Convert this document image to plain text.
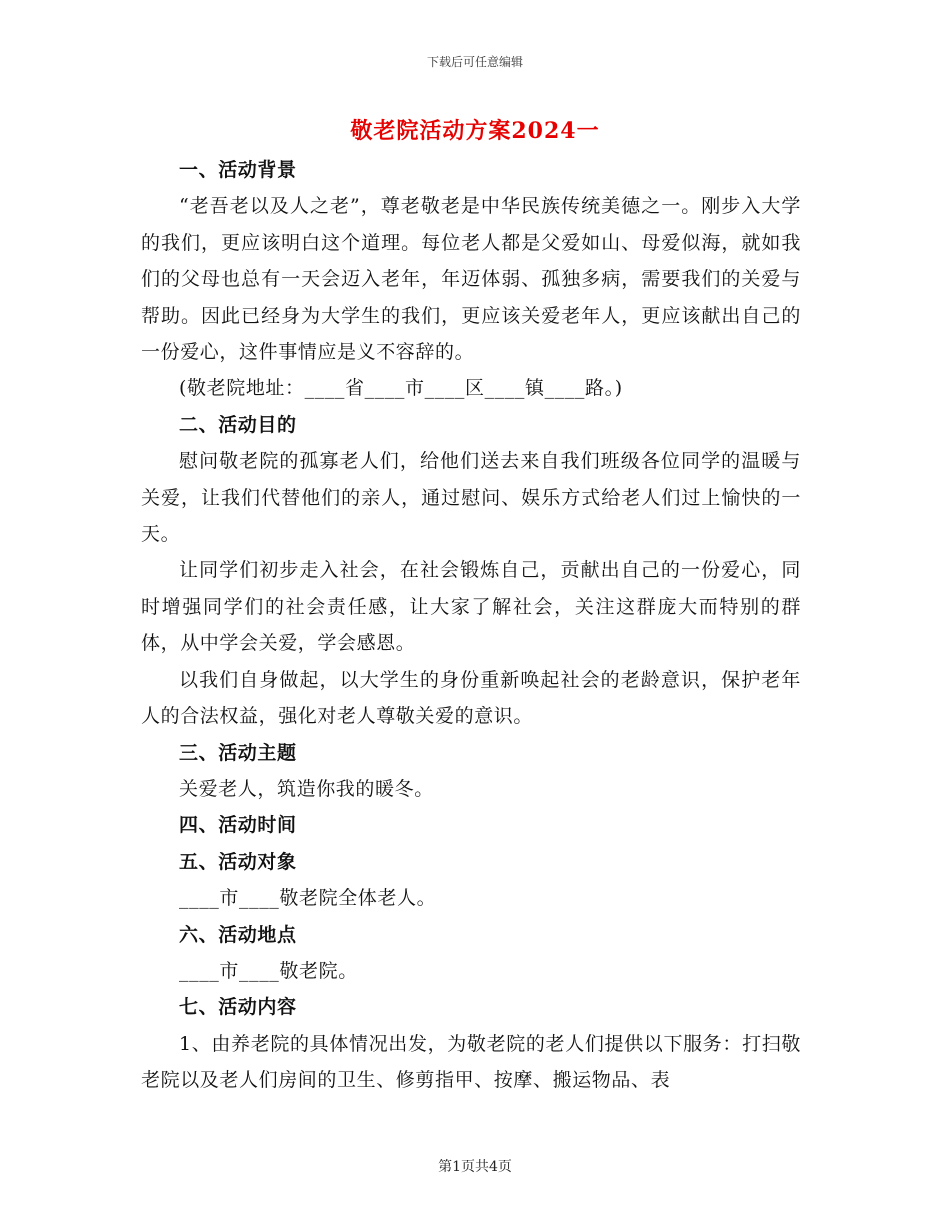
下载后可任意编辑
敬老院活动方案2024一
一、活动背景

“老吾老以及人之老”，尊老敬老是中华民族传统美德之一。刚步入大学的我们，更应该明白这个道理。每位老人都是父爱如山、母爱似海，就如我们的父母也总有一天会迈入老年，年迈体弱、孤独多病，需要我们的关爱与帮助。因此已经身为大学生的我们，更应该关爱老年人，更应该献出自己的一份爱心，这件事情应是义不容辞的。

(敬老院地址：____省____市____区____镇____路。)

二、活动目的

慰问敬老院的孤寡老人们，给他们送去来自我们班级各位同学的温暖与关爱，让我们代替他们的亲人，通过慰问、娱乐方式给老人们过上愉快的一天。

让同学们初步走入社会，在社会锻炼自己，贡献出自己的一份爱心，同时增强同学们的社会责任感，让大家了解社会，关注这群庞大而特别的群体，从中学会关爱，学会感恩。

以我们自身做起，以大学生的身份重新唤起社会的老龄意识，保护老年人的合法权益，强化对老人尊敬关爱的意识。

三、活动主题

关爱老人，筑造你我的暖冬。

四、活动时间
五、活动对象

____市____敬老院全体老人。

六、活动地点

____市____敬老院。

七、活动内容

1、由养老院的具体情况出发，为敬老院的老人们提供以下服务：打扫敬老院以及老人们房间的卫生、修剪指甲、按摩、搬运物品、表

第1页共4页
